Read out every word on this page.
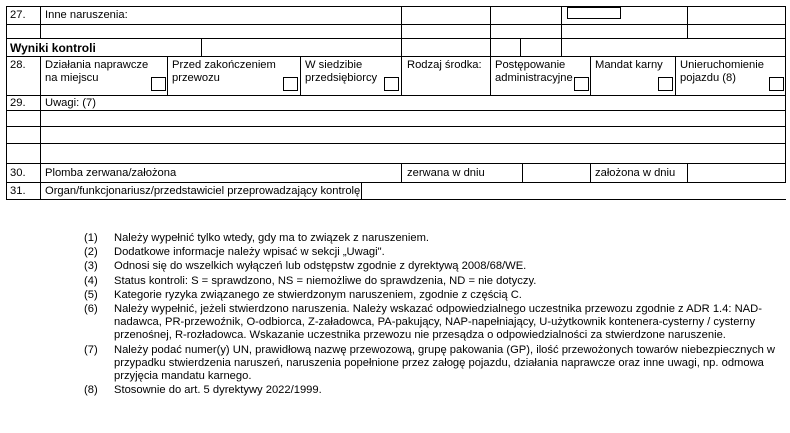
27. Inne naruszenia:
Wyniki kontroli
28. Działania naprawcze na miejscu
Przed zakończeniem przewozu
W siedzibie przedsiębiorcy
Rodzaj środka: Postępowanie administracyjne
Mandat karny Unieruchomienie pojazdu (8)
29. Uwagi: (7)
30. Plomba zerwana/założona	zerwana w dniu	założona w dniu
31. Organ/funkcjonariusz/przedstawiciel przeprowadzający kontrolę
(1) Należy wypełnić tylko wtedy, gdy ma to związek z naruszeniem.
(2) Dodatkowe informacje należy wpisać w sekcji „Uwagi".
(3) Odnosi się do wszelkich wyłączeń lub odstępstw zgodnie z dyrektywą 2008/68/WE.
(4) Status kontroli: S = sprawdzono, NS = niemożliwe do sprawdzenia, ND = nie dotyczy.
(5) Kategorie ryzyka związanego ze stwierdzonym naruszeniem, zgodnie z częścią C.
(6) Należy wypełnić, jeżeli stwierdzono naruszenia. Należy wskazać odpowiedzialnego uczestnika przewozu zgodnie z ADR 1.4: NAD-nadawca, PR-przewoźnik, O-odbiorca, Z-załadowca, PA-pakujący, NAP-napełniający, U-użytkownik kontenera-cysterny / cysterny przenośnej, R-rozładowca. Wskazanie uczestnika przewozu nie przesądza o odpowiedzialności za stwierdzone naruszenie.
(7) Należy podać numer(y) UN, prawidłową nazwę przewozową, grupę pakowania (GP), ilość przewożonych towarów niebezpiecznych w przypadku stwierdzenia naruszeń, naruszenia popełnione przez załogę pojazdu, działania naprawcze oraz inne uwagi, np. odmowa przyjęcia mandatu karnego.
(8) Stosownie do art. 5 dyrektywy 2022/1999.
